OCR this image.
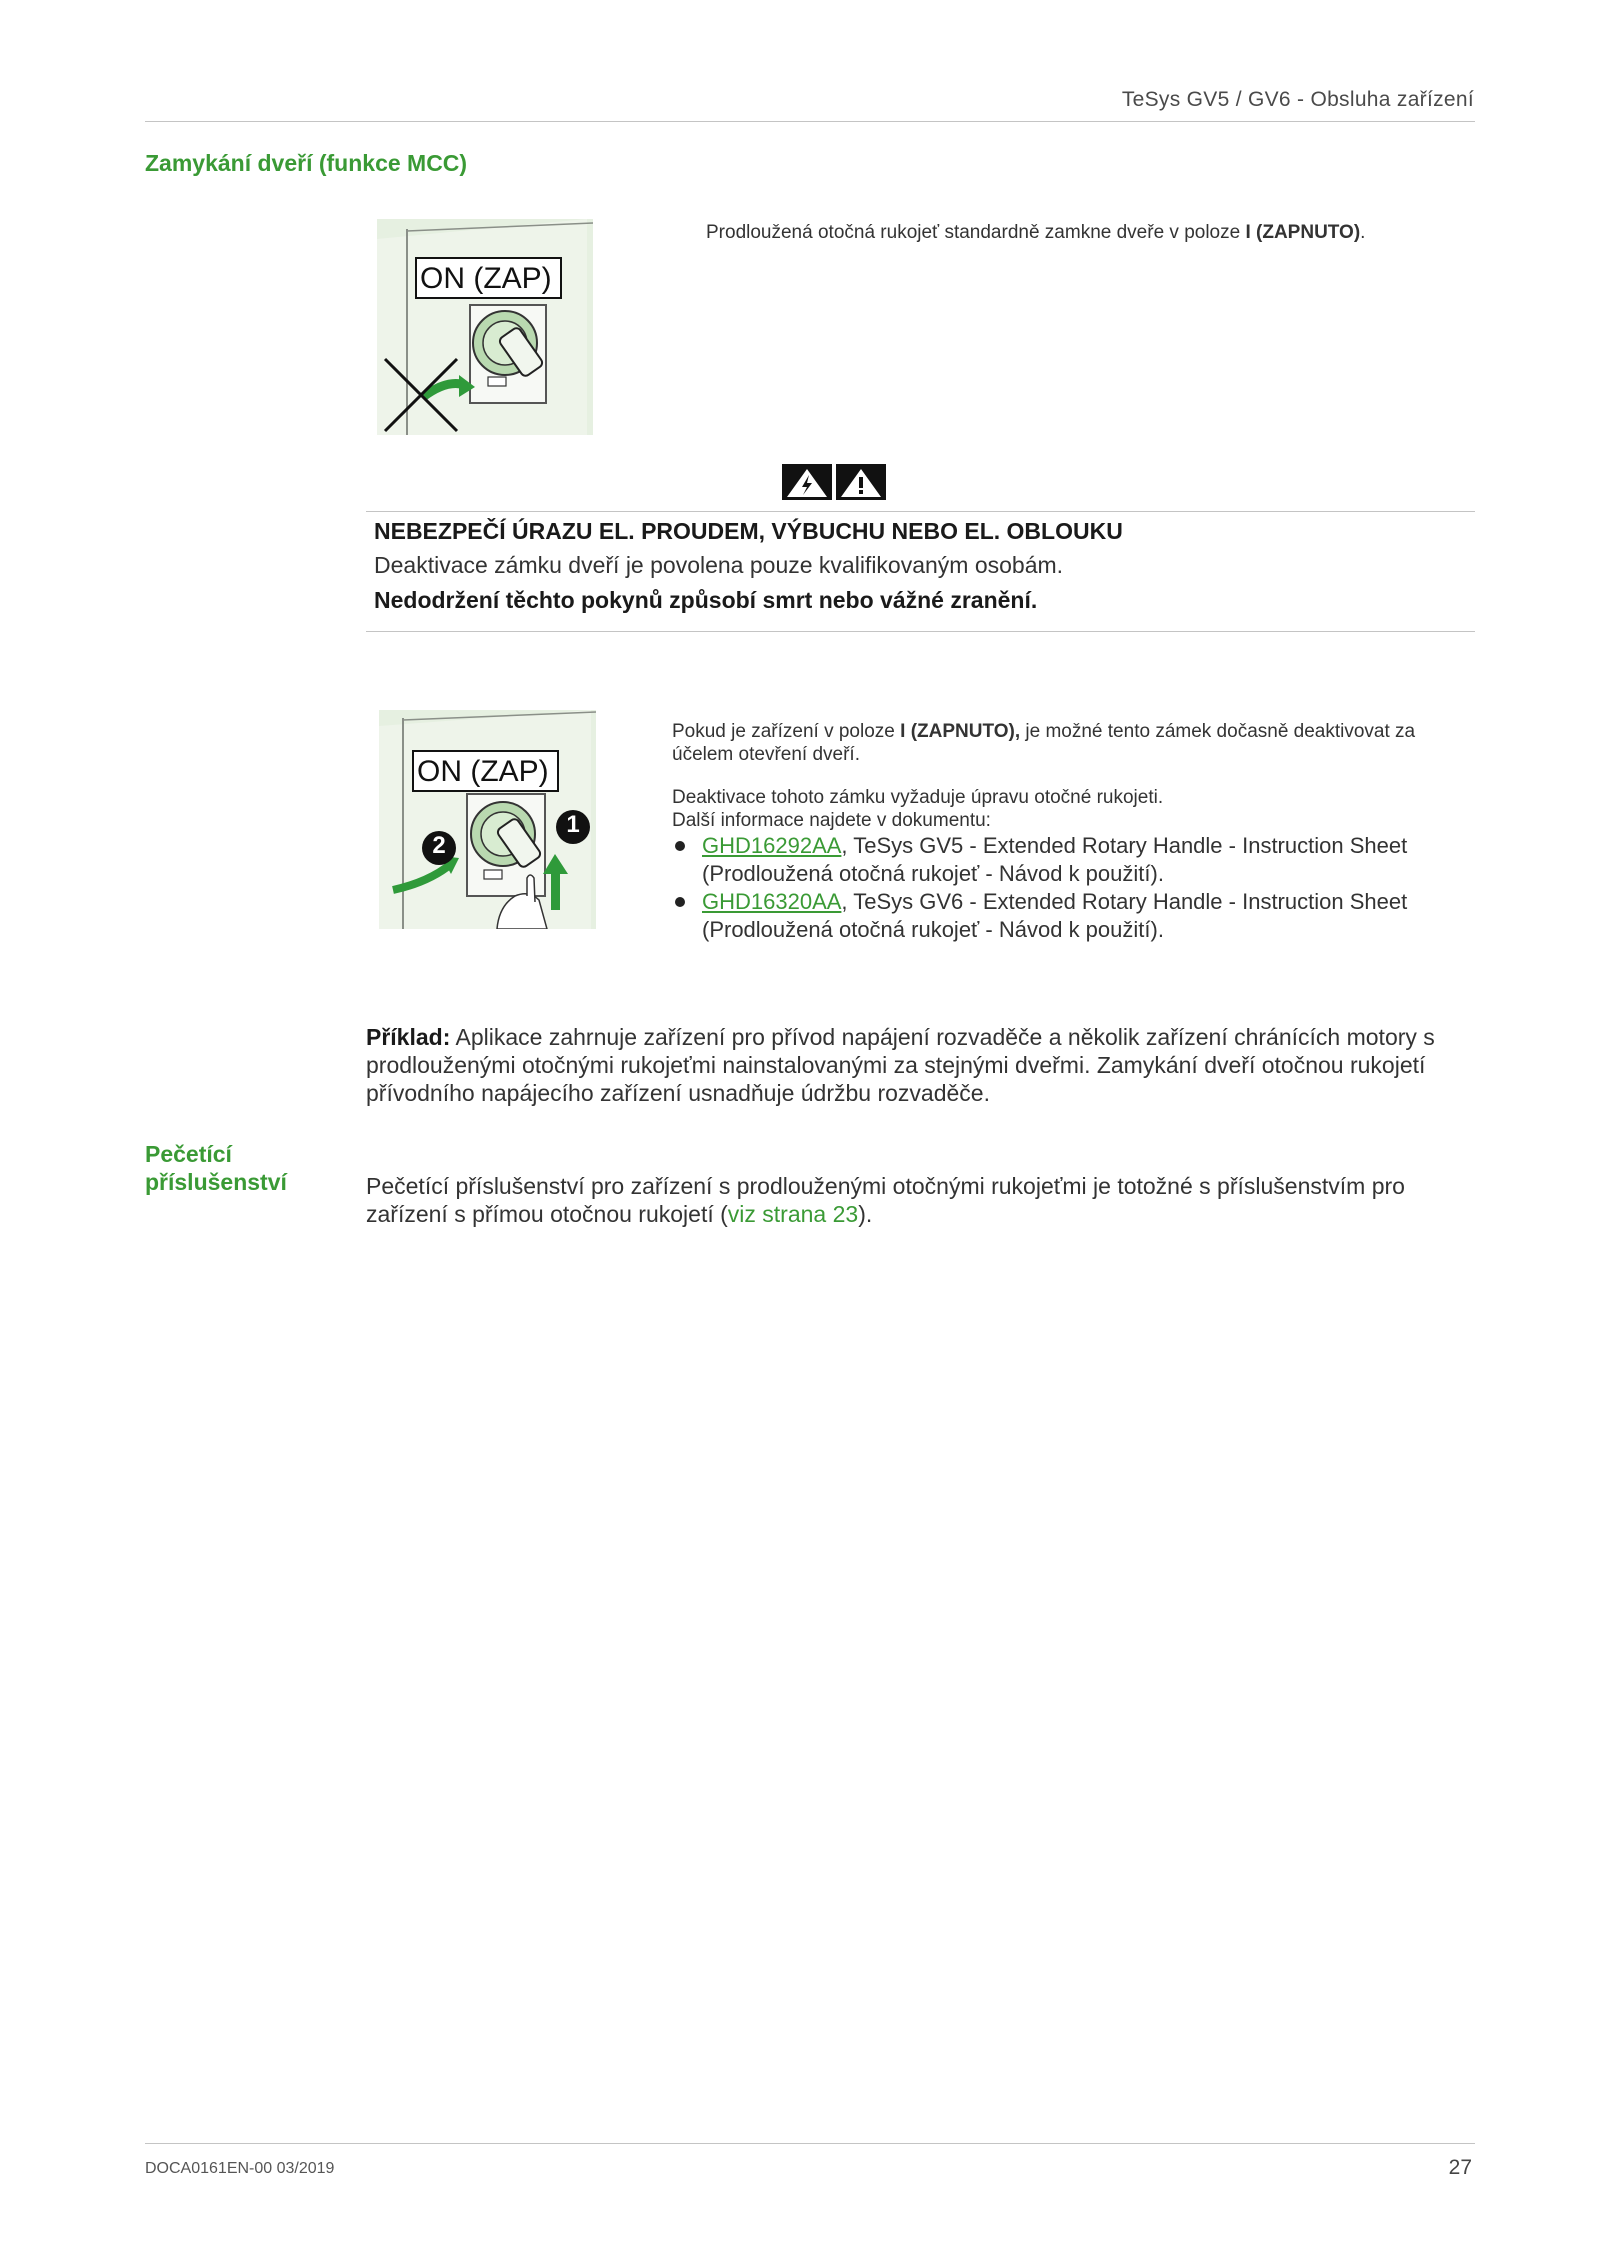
TeSys GV5 / GV6 - Obsluha zařízení
Zamykání dveří (funkce MCC)
ON (ZAP)
Prodloužená otočná rukojeť standardně zamkne dveře v poloze I (ZAPNUTO).
NEBEZPEČÍ ÚRAZU EL. PROUDEM, VÝBUCHU NEBO EL. OBLOUKU
Deaktivace zámku dveří je povolena pouze kvalifikovaným osobám.
Nedodržení těchto pokynů způsobí smrt nebo vážné zranění.
ON (ZAP)
1
2

Pokud je zařízení v poloze I (ZAPNUTO), je možné tento zámek dočasně deaktivovat za účelem otevření dveří.

Deaktivace tohoto zámku vyžaduje úpravu otočné rukojeti.
Další informace najdete v dokumentu:

GHD16292AA, TeSys GV5 - Extended Rotary Handle - Instruction Sheet
(Prodloužená otočná rukojeť - Návod k použití).
GHD16320AA, TeSys GV6 - Extended Rotary Handle - Instruction Sheet
(Prodloužená otočná rukojeť - Návod k použití).
Příklad: Aplikace zahrnuje zařízení pro přívod napájení rozvaděče a několik zařízení chránících motory s prodlouženými otočnými rukojeťmi nainstalovanými za stejnými dveřmi. Zamykání dveří otočnou rukojetí přívodního napájecího zařízení usnadňuje údržbu rozvaděče.
Pečetící příslušenství	Pečetící příslušenství pro zařízení s prodlouženými otočnými rukojeťmi je totožné s příslušenstvím pro zařízení s přímou otočnou rukojetí (viz strana 23).
DOCA0161EN-00 03/2019	27
